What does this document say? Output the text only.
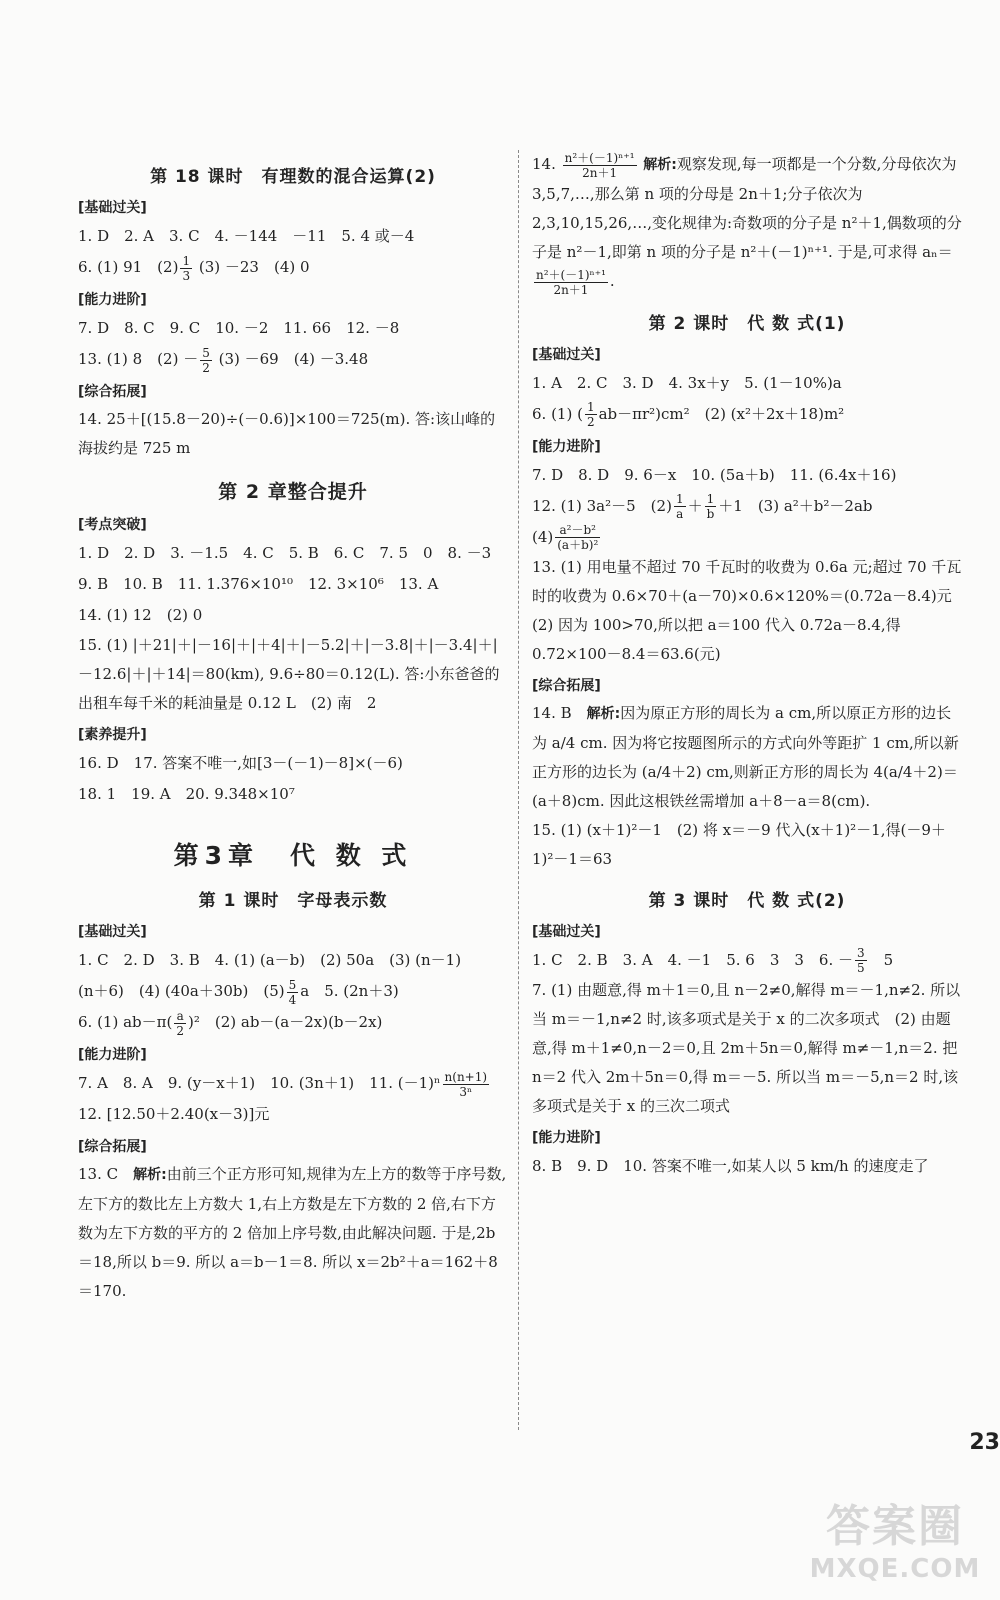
第 18 课时　有理数的混合运算(2)
[基础过关]
1. D　2. A　3. C　4. －144　－11　5. 4 或－4
6. (1) 91　$(2) \frac{1}{3} (3) -23$　(4) 0
[能力进阶]
7. D　8. C　9. C　10. －2　11. 66　12. －8
13. (1) 8　$(2) - \frac{5}{2} (3) -69$　(4) －3.48
[综合拓展]
14. 25＋[(15.8－20)÷(－0.6)]×100＝725(m). 答:该山峰的海拔约是 725 m
第 2 章整合提升
[考点突破]
1. D　2. D　3. －1.5　4. C　5. B　6. C　7. 5　0　8. －3
9. B　10. B　11. 1.376×10¹⁰　12. 3×10⁶　13. A
14. (1) 12　(2) 0
15. (1) |＋21|＋|－16|＋|＋4|＋|－5.2|＋|－3.8|＋|－3.4|＋|－12.6|＋|＋14|＝80(km), 9.6÷80＝0.12(L). 答:小东爸爸的出租车每千米的耗油量是 0.12 L　(2) 南　2
[素养提升]
16. D　17. 答案不唯一,如[3－(－1)－8]×(－6)
18. 1　19. A　20. 9.348×10⁷
第3章　代 数 式
第 1 课时　字母表示数
[基础过关]
1. C　2. D　3. B　4. (1) (a－b)　(2) 50a　(3) (n－1)
(n＋6)　(4) (40a＋30b)　$(5) \frac{5}{4}$ a　5. (2n＋3)
6. (1) $ab-\pi( \frac{a}{2} )^2$　(2) ab－(a－2x)(b－2x)
[能力进阶]
7. A　8. A　9. (y－x＋1)　10. (3n＋1)　11. $(-1)^n \frac{n(n+1)}{\text{3ⁿ}}$
12. [12.50＋2.40(x－3)]元
[综合拓展]
13. C　 解析:由前三个正方形可知,规律为左上方的数等于序号数,左下方的数比左上方数大 1,右上方数是左下方数的 2 倍,右下方数为左下方数的平方的 2 倍加上序号数,由此解决问题. 于是,2b＝18,所以 b＝9. 所以 a＝b－1＝8. 所以 x＝2b²＋a＝162＋8＝170.
14. $\frac{\text{n²＋(－1)ⁿ⁺¹}}{2n+1}$ 解析:观察发现,每一项都是一个分数,分母依次为 3,5,7,…,那么第 n 项的分母是 2n＋1;分子依次为 2,3,10,15,26,…,变化规律为:奇数项的分子是 n²＋1,偶数项的分子是 n²－1,即第 n 项的分子是 n²＋(－1)ⁿ⁺¹. 于是,可求得 aₙ＝
$\frac{\text{n²＋(－1)ⁿ⁺¹}}{2n+1}$ .
第 2 课时　代 数 式(1)
[基础过关]
1. A　2. C　3. D　4. 3x＋y　5. (1－10%)a
6. (1) ( $\frac{1}{2} ab-\pi r^2)cm^2$　(2) (x²＋2x＋18)m²
[能力进阶]
7. D　8. D　9. 6－x　10. (5a＋b)　11. (6.4x＋16)
12. (1) 3a²－5　$(2) \frac{1}{a} + \frac{1}{b} +1$　(3) a²＋b²－2ab
$(4) \frac{\text{a²－b²}}{\text{(a＋b)²}}$
13. (1) 用电量不超过 70 千瓦时的收费为 0.6a 元;超过 70 千瓦时的收费为 0.6×70＋(a－70)×0.6×120%＝(0.72a－8.4)元　(2) 因为 100>70,所以把 a＝100 代入 0.72a－8.4,得 0.72×100－8.4＝63.6(元)
[综合拓展]
14. B　 解析:因为原正方形的周长为 a cm,所以原正方形的边长为 a/4 cm. 因为将它按题图所示的方式向外等距扩 1 cm,所以新正方形的边长为 (a/4＋2) cm,则新正方形的周长为 4(a/4＋2)＝(a＋8)cm. 因此这根铁丝需增加 a＋8－a＝8(cm).
15. (1) (x＋1)²－1　(2) 将 x＝－9 代入(x＋1)²－1,得(－9＋1)²－1＝63
第 3 课时　代 数 式(2)
[基础过关]
1. C　2. B　3. A　4. －1　5. 6　3　3　6. － $\frac{3}{5}$
　 5
7. (1) 由题意,得 m＋1＝0,且 n－2≠0,解得 m＝－1,n≠2. 所以当 m＝－1,n≠2 时,该多项式是关于 x 的二次多项式　(2) 由题意,得 m＋1≠0,n－2＝0,且 2m＋5n＝0,解得 m≠－1,n＝2. 把 n＝2 代入 2m＋5n＝0,得 m＝－5. 所以当 m＝－5,n＝2 时,该多项式是关于 x 的三次二项式
[能力进阶]
8. B　9. D　10. 答案不唯一,如某人以 5 km/h 的速度走了
23
答案圈
MXQE.COM
